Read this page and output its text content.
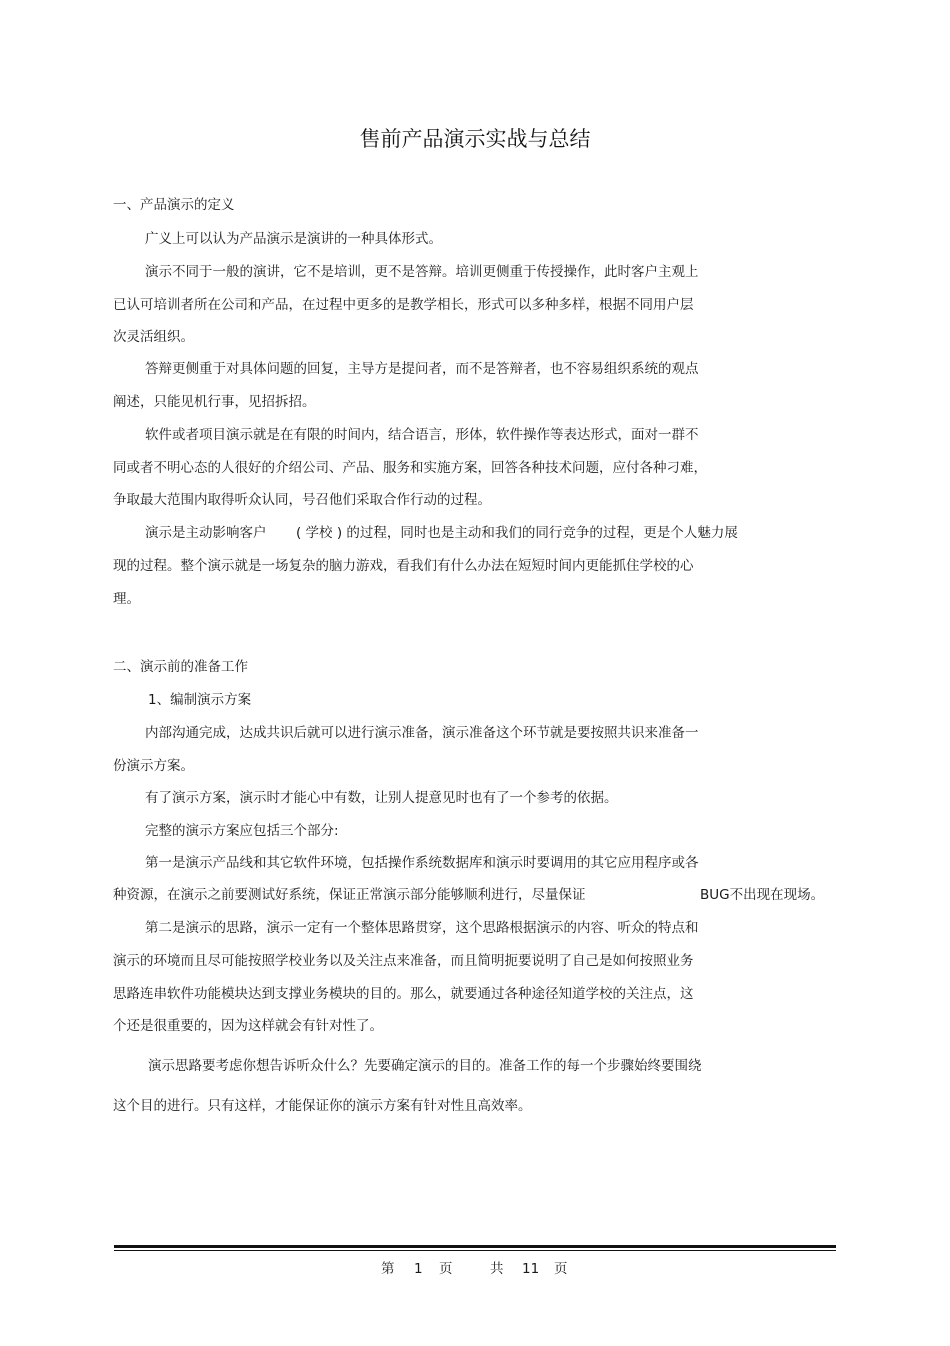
售前产品演示实战与总结
一、产品演示的定义
广义上可以认为产品演示是演讲的一种具体形式。
演示不同于一般的演讲，它不是培训，更不是答辩。培训更侧重于传授操作，此时客户主观上
已认可培训者所在公司和产品，在过程中更多的是教学相长，形式可以多种多样，根据不同用户层
次灵活组织。
答辩更侧重于对具体问题的回复，主导方是提问者，而不是答辩者，也不容易组织系统的观点
阐述，只能见机行事，见招拆招。
软件或者项目演示就是在有限的时间内，结合语言，形体，软件操作等表达形式，面对一群不
同或者不明心态的人很好的介绍公司、产品、服务和实施方案，回答各种技术问题，应付各种刁难，
争取最大范围内取得听众认同，号召他们采取合作行动的过程。
演示是主动影响客户 ( 学校 ) 的过程，同时也是主动和我们的同行竞争的过程，更是个人魅力展
现的过程。整个演示就是一场复杂的脑力游戏，看我们有什么办法在短短时间内更能抓住学校的心
理。
二、演示前的准备工作
1、编制演示方案
内部沟通完成，达成共识后就可以进行演示准备，演示准备这个环节就是要按照共识来准备一
份演示方案。
有了演示方案，演示时才能心中有数，让别人提意见时也有了一个参考的依据。
完整的演示方案应包括三个部分:
第一是演示产品线和其它软件环境，包括操作系统数据库和演示时要调用的其它应用程序或各
种资源，在演示之前要测试好系统，保证正常演示部分能够顺利进行，尽量保证	BUG不出现在现场。
第二是演示的思路，演示一定有一个整体思路贯穿，这个思路根据演示的内容、听众的特点和
演示的环境而且尽可能按照学校业务以及关注点来准备，而且简明扼要说明了自己是如何按照业务
思路连串软件功能模块达到支撑业务模块的目的。那么，就要通过各种途径知道学校的关注点，这
个还是很重要的，因为这样就会有针对性了。
演示思路要考虑你想告诉听众什么？先要确定演示的目的。准备工作的每一个步骤始终要围绕
这个目的进行。只有这样，才能保证你的演示方案有针对性且高效率。
第 1 页	共 11 页
